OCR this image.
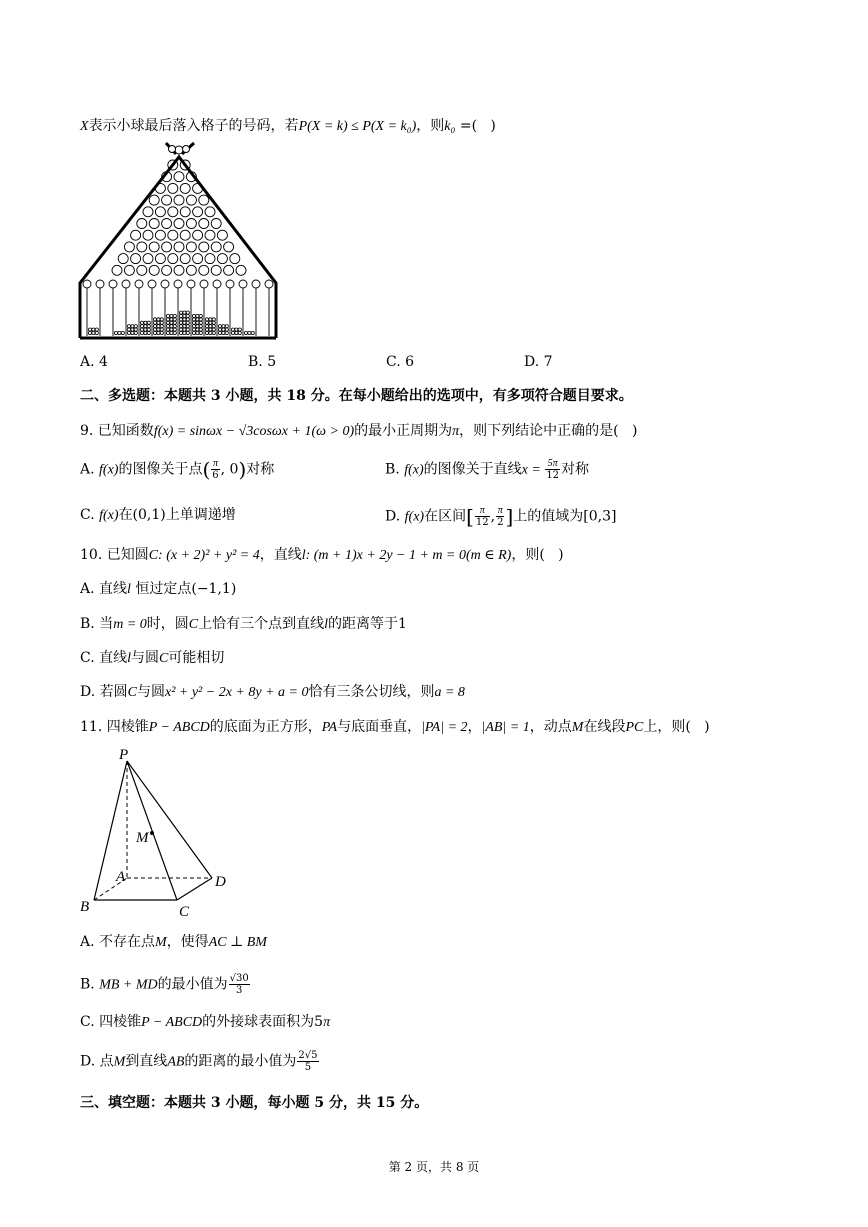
X表示小球最后落入格子的号码，若P(X = k) ≤ P(X = k₀)，则k₀ =(   )
A. 4	B. 5	C. 6	D. 7
二、多选题：本题共 3 小题，共 18 分。在每小题给出的选项中，有多项符合题目要求。
9. 已知函数f(x) = sinωx − √3cosωx + 1(ω > 0)的最小正周期为π，则下列结论中正确的是(   )
A. f(x)的图像关于点( $\frac{\pi}{6}$ , 0)对称	B. f(x)的图像关于直线$x = \frac{5\pi}{12}$ 对称
C. f(x)在(0,1)上单调递增	D. f(x)在区间[ $\frac{\pi}{12}$ , $\frac{\pi}{2}$ ]上的值域为[0,3]
10. 已知圆C: (x + 2)² + y² = 4，直线l: (m + 1)x + 2y − 1 + m = 0(m ∈ R)，则(   )
A. 直线l 恒过定点(−1,1)
B. 当m = 0时，圆C上恰有三个点到直线l的距离等于1
C. 直线l与圆C可能相切
D. 若圆C与圆x² + y² − 2x + 8y + a = 0恰有三条公切线，则a = 8
11. 四棱锥P − ABCD的底面为正方形，PA与底面垂直，|PA| = 2，|AB| = 1，动点M在线段PC上，则(   )
P
M
A	D
B	C
A. 不存在点M，使得AC ⊥ BM
B. MB + MD的最小值为 $\frac{√30}{3}$
C. 四棱锥P − ABCD的外接球表面积为5π
D. 点M到直线AB的距离的最小值为 $\frac{2√5}{5}$
三、填空题：本题共 3 小题，每小题 5 分，共 15 分。
第 2 页，共 8 页
